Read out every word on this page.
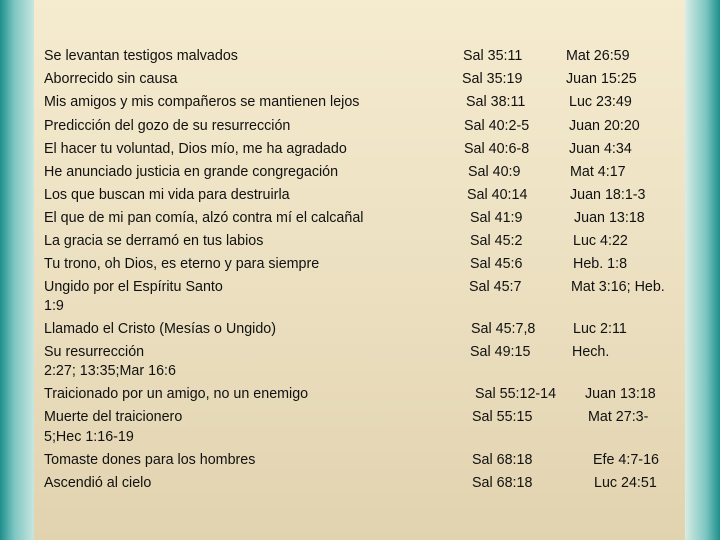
Se levantan testigos malvados	Sal 35:11	Mat 26:59
Aborrecido sin causa	Sal 35:19	Juan 15:25
Mis amigos y mis compañeros se mantienen lejos	Sal 38:11	Luc 23:49
Predicción del gozo de su resurrección	Sal 40:2-5	Juan 20:20
El hacer tu voluntad, Dios mío, me ha agradado	Sal 40:6-8	Juan 4:34
He anunciado justicia en grande congregación	Sal 40:9	Mat 4:17
Los que buscan mi vida para destruirla	Sal 40:14	Juan 18:1-3
El que de mi pan comía, alzó contra mí el calcañal	Sal 41:9	Juan 13:18
La gracia se derramó en tus labios	Sal 45:2	Luc 4:22
Tu trono, oh Dios, es eterno y para siempre	Sal 45:6	Heb. 1:8
Ungido por el Espíritu Santo	Sal 45:7	Mat 3:16; Heb.
1:9
Llamado el Cristo (Mesías o Ungido)	Sal 45:7,8	Luc 2:11
Su resurrección	Sal 49:15	Hech.
2:27; 13:35;Mar 16:6
Traicionado por un amigo, no un enemigo	Sal 55:12-14 Juan 13:18
Muerte del traicionero	Sal 55:15	Mat 27:3-
5;Hec 1:16-19
Tomaste dones para los hombres	Sal 68:18	Efe 4:7-16
Ascendió al cielo	Sal 68:18	Luc 24:51
